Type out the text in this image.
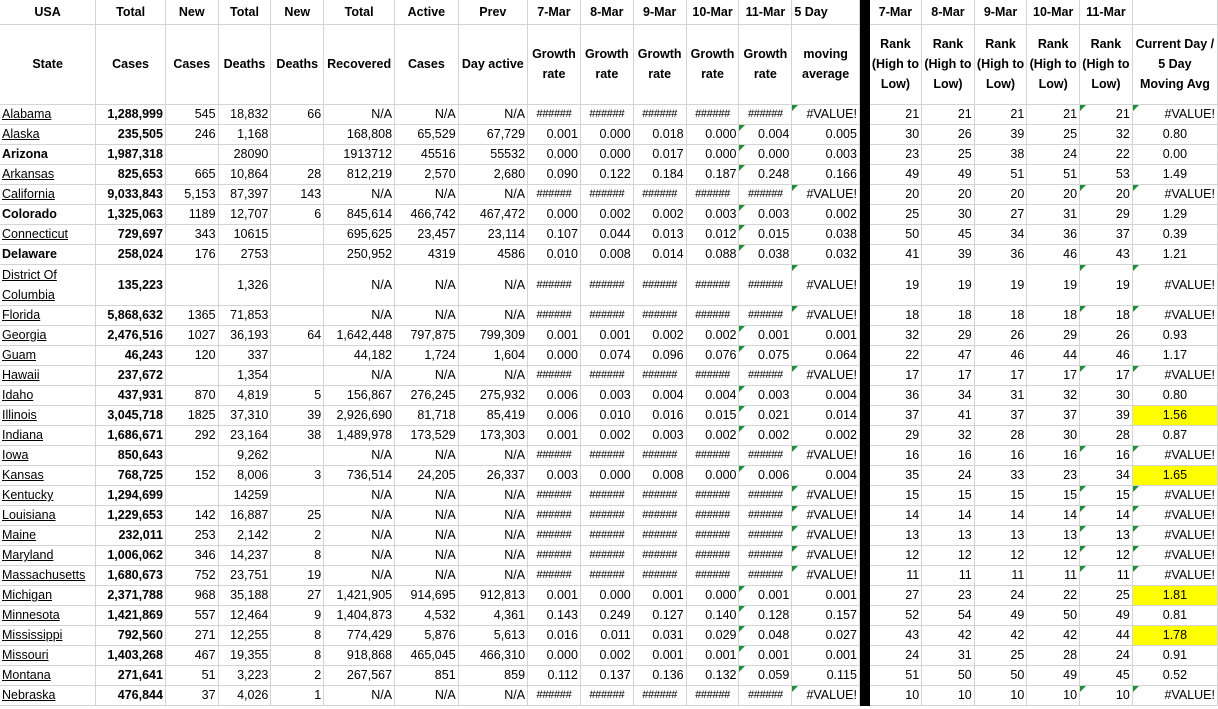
USA	Total	New	Total	New	Total	Active	Prev	7-Mar	8-Mar	9-Mar	10-Mar	11-Mar	5 Day		7-Mar	8-Mar	9-Mar	10-Mar	11-Mar	
State	Cases	Cases	Deaths	Deaths	Recovered	Cases	Day active	Growth rate	Growth rate	Growth rate	Growth rate	Growth rate	moving average		Rank (High to Low)	Rank (High to Low)	Rank (High to Low)	Rank (High to Low)	Rank (High to Low)	Current Day / 5 Day Moving Avg
Alabama	1,288,999	545	18,832	66	N/A	N/A	N/A	######	######	######	######	######	#VALUE!		21	21	21	21	21	#VALUE!
Alaska	235,505	246	1,168		168,808	65,529	67,729	0.001	0.000	0.018	0.000	0.004	0.005		30	26	39	25	32	0.80
Arizona	1,987,318		28090		1913712	45516	55532	0.000	0.000	0.017	0.000	0.000	0.003		23	25	38	24	22	0.00
Arkansas	825,653	665	10,864	28	812,219	2,570	2,680	0.090	0.122	0.184	0.187	0.248	0.166		49	49	51	51	53	1.49
California	9,033,843	5,153	87,397	143	N/A	N/A	N/A	######	######	######	######	######	#VALUE!		20	20	20	20	20	#VALUE!
Colorado	1,325,063	1189	12,707	6	845,614	466,742	467,472	0.000	0.002	0.002	0.003	0.003	0.002		25	30	27	31	29	1.29
Connecticut	729,697	343	10615		695,625	23,457	23,114	0.107	0.044	0.013	0.012	0.015	0.038		50	45	34	36	37	0.39
Delaware	258,024	176	2753		250,952	4319	4586	0.010	0.008	0.014	0.088	0.038	0.032		41	39	36	46	43	1.21
District Of Columbia	135,223		1,326		N/A	N/A	N/A	######	######	######	######	######	#VALUE!		19	19	19	19	19	#VALUE!
Florida	5,868,632	1365	71,853		N/A	N/A	N/A	######	######	######	######	######	#VALUE!		18	18	18	18	18	#VALUE!
Georgia	2,476,516	1027	36,193	64	1,642,448	797,875	799,309	0.001	0.001	0.002	0.002	0.001	0.001		32	29	26	29	26	0.93
Guam	46,243	120	337		44,182	1,724	1,604	0.000	0.074	0.096	0.076	0.075	0.064		22	47	46	44	46	1.17
Hawaii	237,672		1,354		N/A	N/A	N/A	######	######	######	######	######	#VALUE!		17	17	17	17	17	#VALUE!
Idaho	437,931	870	4,819	5	156,867	276,245	275,932	0.006	0.003	0.004	0.004	0.003	0.004		36	34	31	32	30	0.80
Illinois	3,045,718	1825	37,310	39	2,926,690	81,718	85,419	0.006	0.010	0.016	0.015	0.021	0.014		37	41	37	37	39	1.56
Indiana	1,686,671	292	23,164	38	1,489,978	173,529	173,303	0.001	0.002	0.003	0.002	0.002	0.002		29	32	28	30	28	0.87
Iowa	850,643		9,262		N/A	N/A	N/A	######	######	######	######	######	#VALUE!		16	16	16	16	16	#VALUE!
Kansas	768,725	152	8,006	3	736,514	24,205	26,337	0.003	0.000	0.008	0.000	0.006	0.004		35	24	33	23	34	1.65
Kentucky	1,294,699		14259		N/A	N/A	N/A	######	######	######	######	######	#VALUE!		15	15	15	15	15	#VALUE!
Louisiana	1,229,653	142	16,887	25	N/A	N/A	N/A	######	######	######	######	######	#VALUE!		14	14	14	14	14	#VALUE!
Maine	232,011	253	2,142	2	N/A	N/A	N/A	######	######	######	######	######	#VALUE!		13	13	13	13	13	#VALUE!
Maryland	1,006,062	346	14,237	8	N/A	N/A	N/A	######	######	######	######	######	#VALUE!		12	12	12	12	12	#VALUE!
Massachusetts	1,680,673	752	23,751	19	N/A	N/A	N/A	######	######	######	######	######	#VALUE!		11	11	11	11	11	#VALUE!
Michigan	2,371,788	968	35,188	27	1,421,905	914,695	912,813	0.001	0.000	0.001	0.000	0.001	0.001		27	23	24	22	25	1.81
Minnesota	1,421,869	557	12,464	9	1,404,873	4,532	4,361	0.143	0.249	0.127	0.140	0.128	0.157		52	54	49	50	49	0.81
Mississippi	792,560	271	12,255	8	774,429	5,876	5,613	0.016	0.011	0.031	0.029	0.048	0.027		43	42	42	42	44	1.78
Missouri	1,403,268	467	19,355	8	918,868	465,045	466,310	0.000	0.002	0.001	0.001	0.001	0.001		24	31	25	28	24	0.91
Montana	271,641	51	3,223	2	267,567	851	859	0.112	0.137	0.136	0.132	0.059	0.115		51	50	50	49	45	0.52
Nebraska	476,844	37	4,026	1	N/A	N/A	N/A	######	######	######	######	######	#VALUE!		10	10	10	10	10	#VALUE!
